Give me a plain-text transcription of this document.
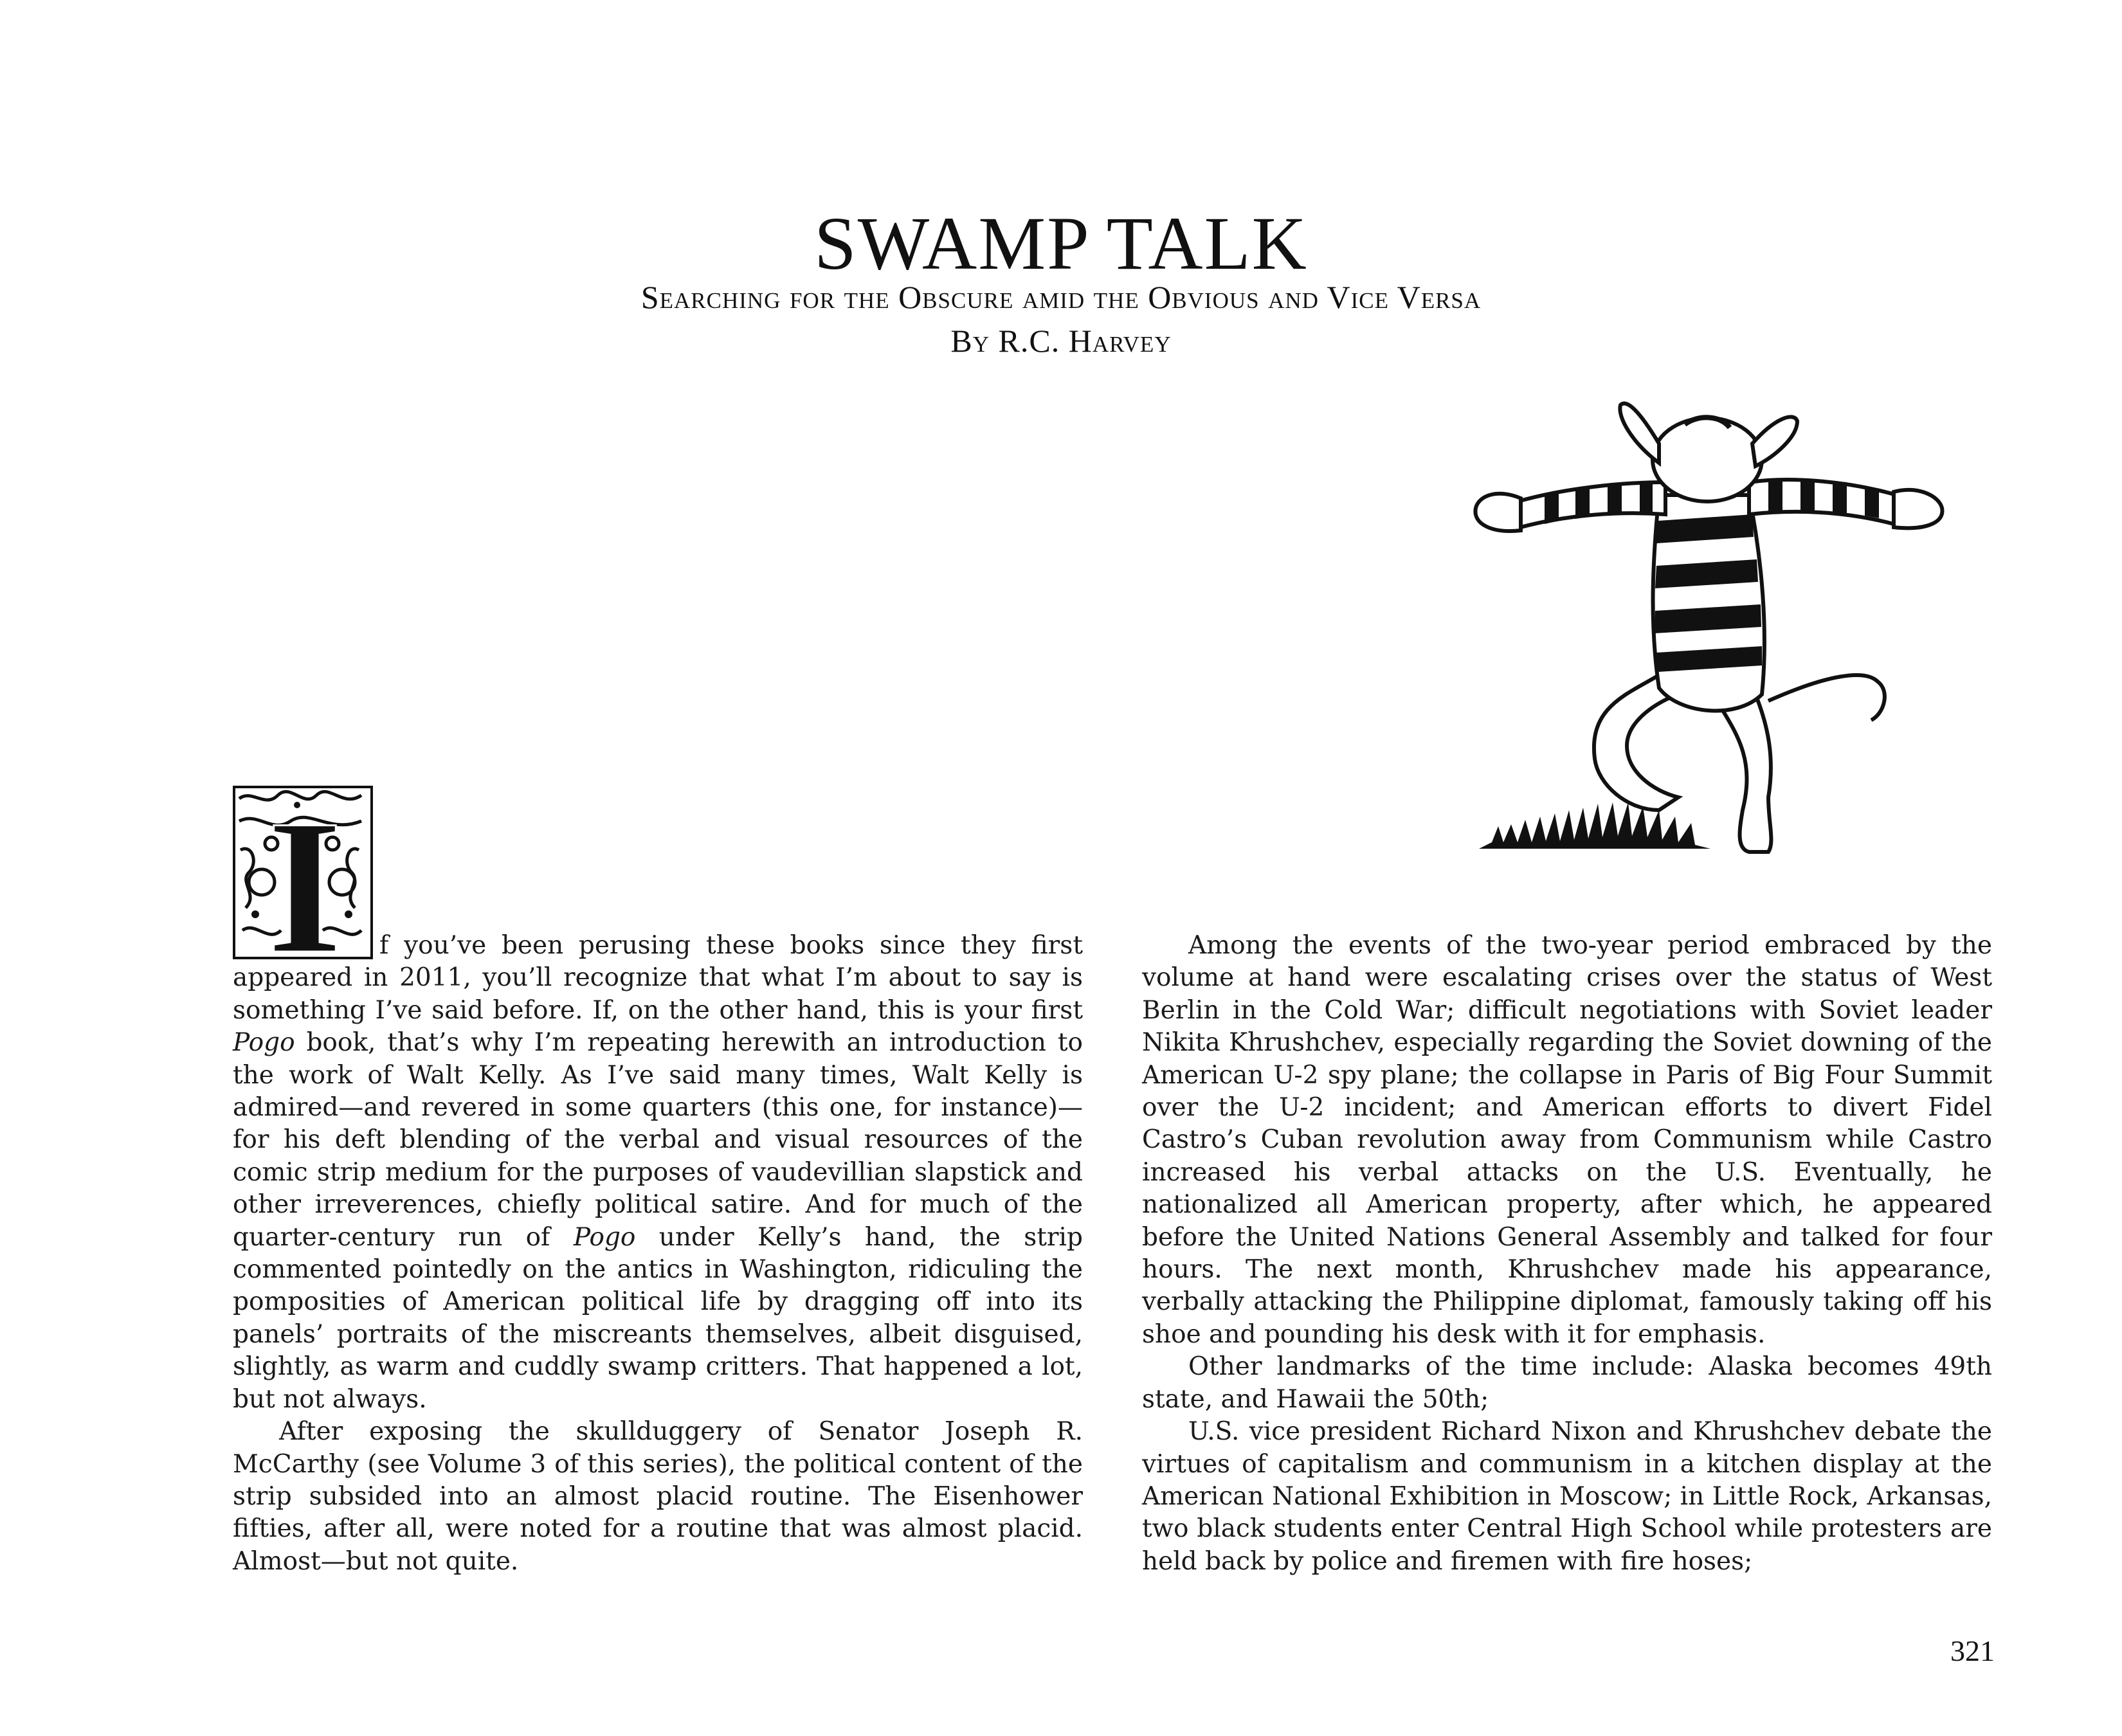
SWAMP TALK
Searching for the Obscure amid the Obvious and Vice Versa
By R.C. Harvey
I	f you’ve been perusing these books since they first appeared in 2011, you’ll recognize that what I’m about to say is something I’ve said before. If, on the other hand, this is your first Pogo book, that’s why I’m repeating herewith an introduction to the work of Walt Kelly. As I’ve said many times, Walt Kelly is admired—and revered in some quarters (this one, for instance)—for his deft blending of the verbal and visual resources of the comic strip medium for the purposes of vaudevillian slapstick and other irreverences, chiefly political satire. And for much of the quarter-century run of Pogo under Kelly’s hand, the strip commented pointedly on the antics in Washington, ridiculing the pomposities of American political life by dragging off into its panels’ portraits of the miscreants themselves, albeit disguised, slightly, as warm and cuddly swamp critters. That happened a lot, but not always.

After exposing the skullduggery of Senator Joseph R. McCarthy (see Volume 3 of this series), the political content of the strip subsided into an almost placid routine. The Eisenhower fifties, after all, were noted for a routine that was almost placid. Almost—but not quite.

Among the events of the two-year period embraced by the volume at hand were escalating crises over the status of West Berlin in the Cold War; difficult negotiations with Soviet leader Nikita Khrushchev, especially regarding the Soviet downing of the American U-2 spy plane; the collapse in Paris of Big Four Summit over the U-2 incident; and American efforts to divert Fidel Castro’s Cuban revolution away from Communism while Castro increased his verbal attacks on the U.S. Eventually, he nationalized all American property, after which, he appeared before the United Nations General Assembly and talked for four hours. The next month, Khrushchev made his appearance, verbally attacking the Philippine diplomat, famously taking off his shoe and pounding his desk with it for emphasis.

Other landmarks of the time include: Alaska becomes 49th state, and Hawaii the 50th;

U.S. vice president Richard Nixon and Khrushchev debate the virtues of capitalism and communism in a kitchen display at the American National Exhibition in Moscow; in Little Rock, Arkansas, two black students enter Central High School while protesters are held back by police and firemen with fire hoses;

321
